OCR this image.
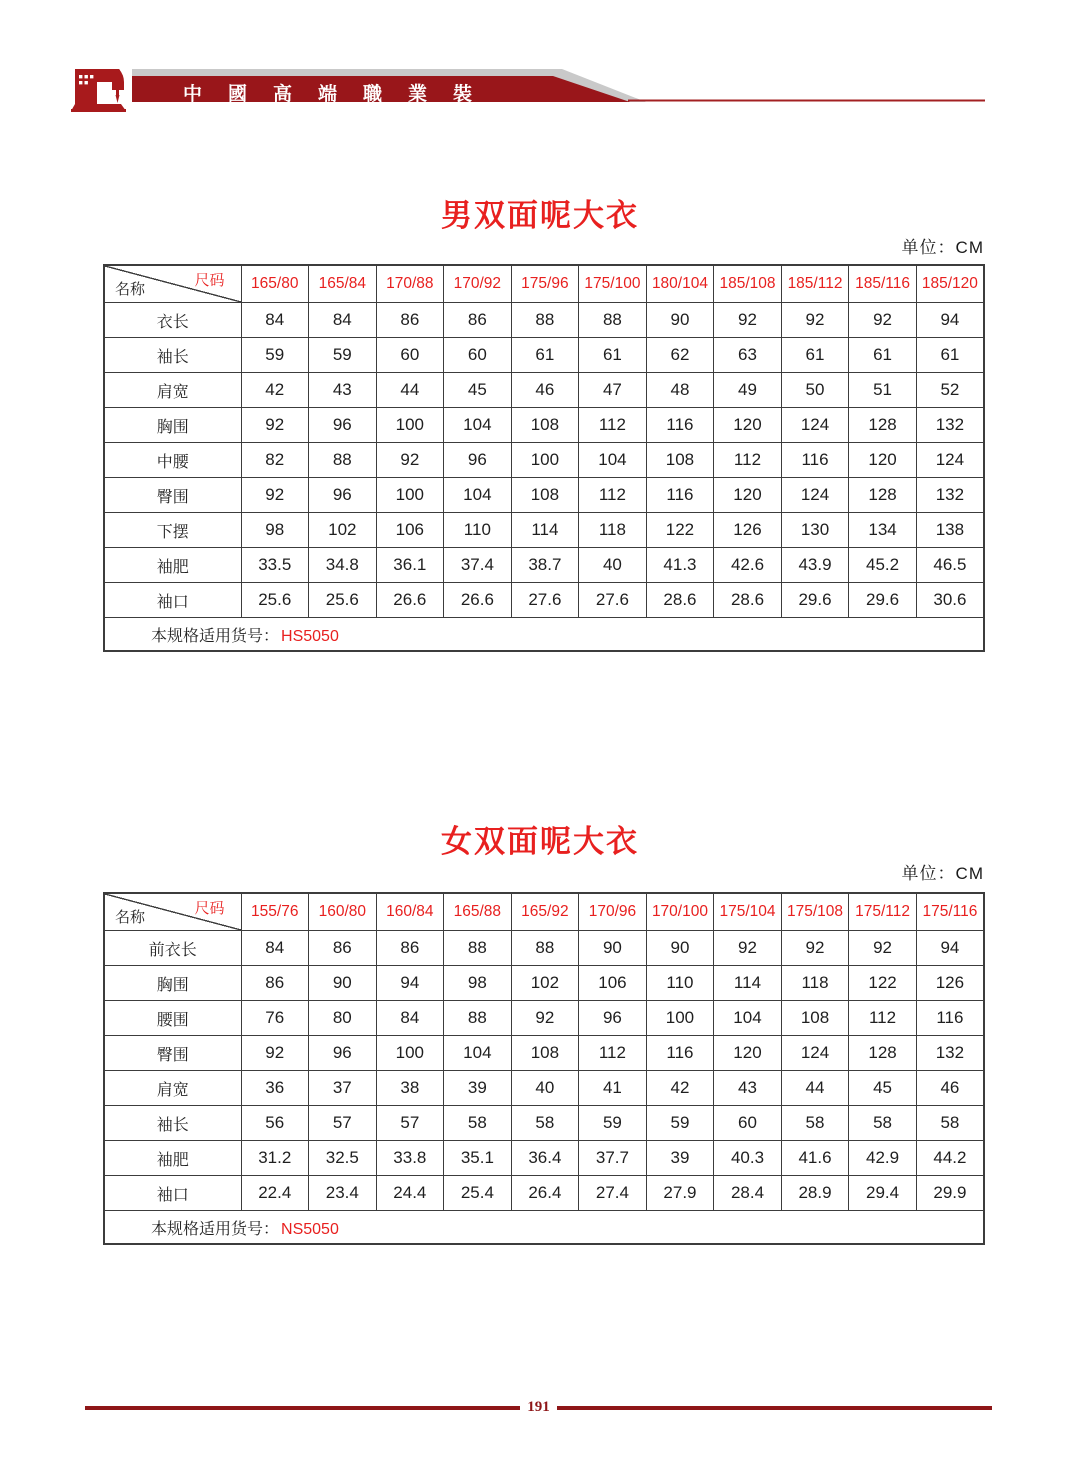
中國高端職業裝
男双面呢大衣
单位：CM
尺码
名称	165/80	165/84	170/88	170/92	175/96	175/100	180/104	185/108	185/112	185/116	185/120
衣长	84	84	86	86	88	88	90	92	92	92	94
袖长	59	59	60	60	61	61	62	63	61	61	61
肩宽	42	43	44	45	46	47	48	49	50	51	52
胸围	92	96	100	104	108	112	116	120	124	128	132
中腰	82	88	92	96	100	104	108	112	116	120	124
臀围	92	96	100	104	108	112	116	120	124	128	132
下摆	98	102	106	110	114	118	122	126	130	134	138
袖肥	33.5	34.8	36.1	37.4	38.7	40	41.3	42.6	43.9	45.2	46.5
袖口	25.6	25.6	26.6	26.6	27.6	27.6	28.6	28.6	29.6	29.6	30.6
本规格适用货号： HS5050											
女双面呢大衣
单位：CM
尺码
名称	155/76	160/80	160/84	165/88	165/92	170/96	170/100	175/104	175/108	175/112	175/116
前衣长	84	86	86	88	88	90	90	92	92	92	94
胸围	86	90	94	98	102	106	110	114	118	122	126
腰围	76	80	84	88	92	96	100	104	108	112	116
臀围	92	96	100	104	108	112	116	120	124	128	132
肩宽	36	37	38	39	40	41	42	43	44	45	46
袖长	56	57	57	58	58	59	59	60	58	58	58
袖肥	31.2	32.5	33.8	35.1	36.4	37.7	39	40.3	41.6	42.9	44.2
袖口	22.4	23.4	24.4	25.4	26.4	27.4	27.9	28.4	28.9	29.4	29.9
本规格适用货号： NS5050											
191
